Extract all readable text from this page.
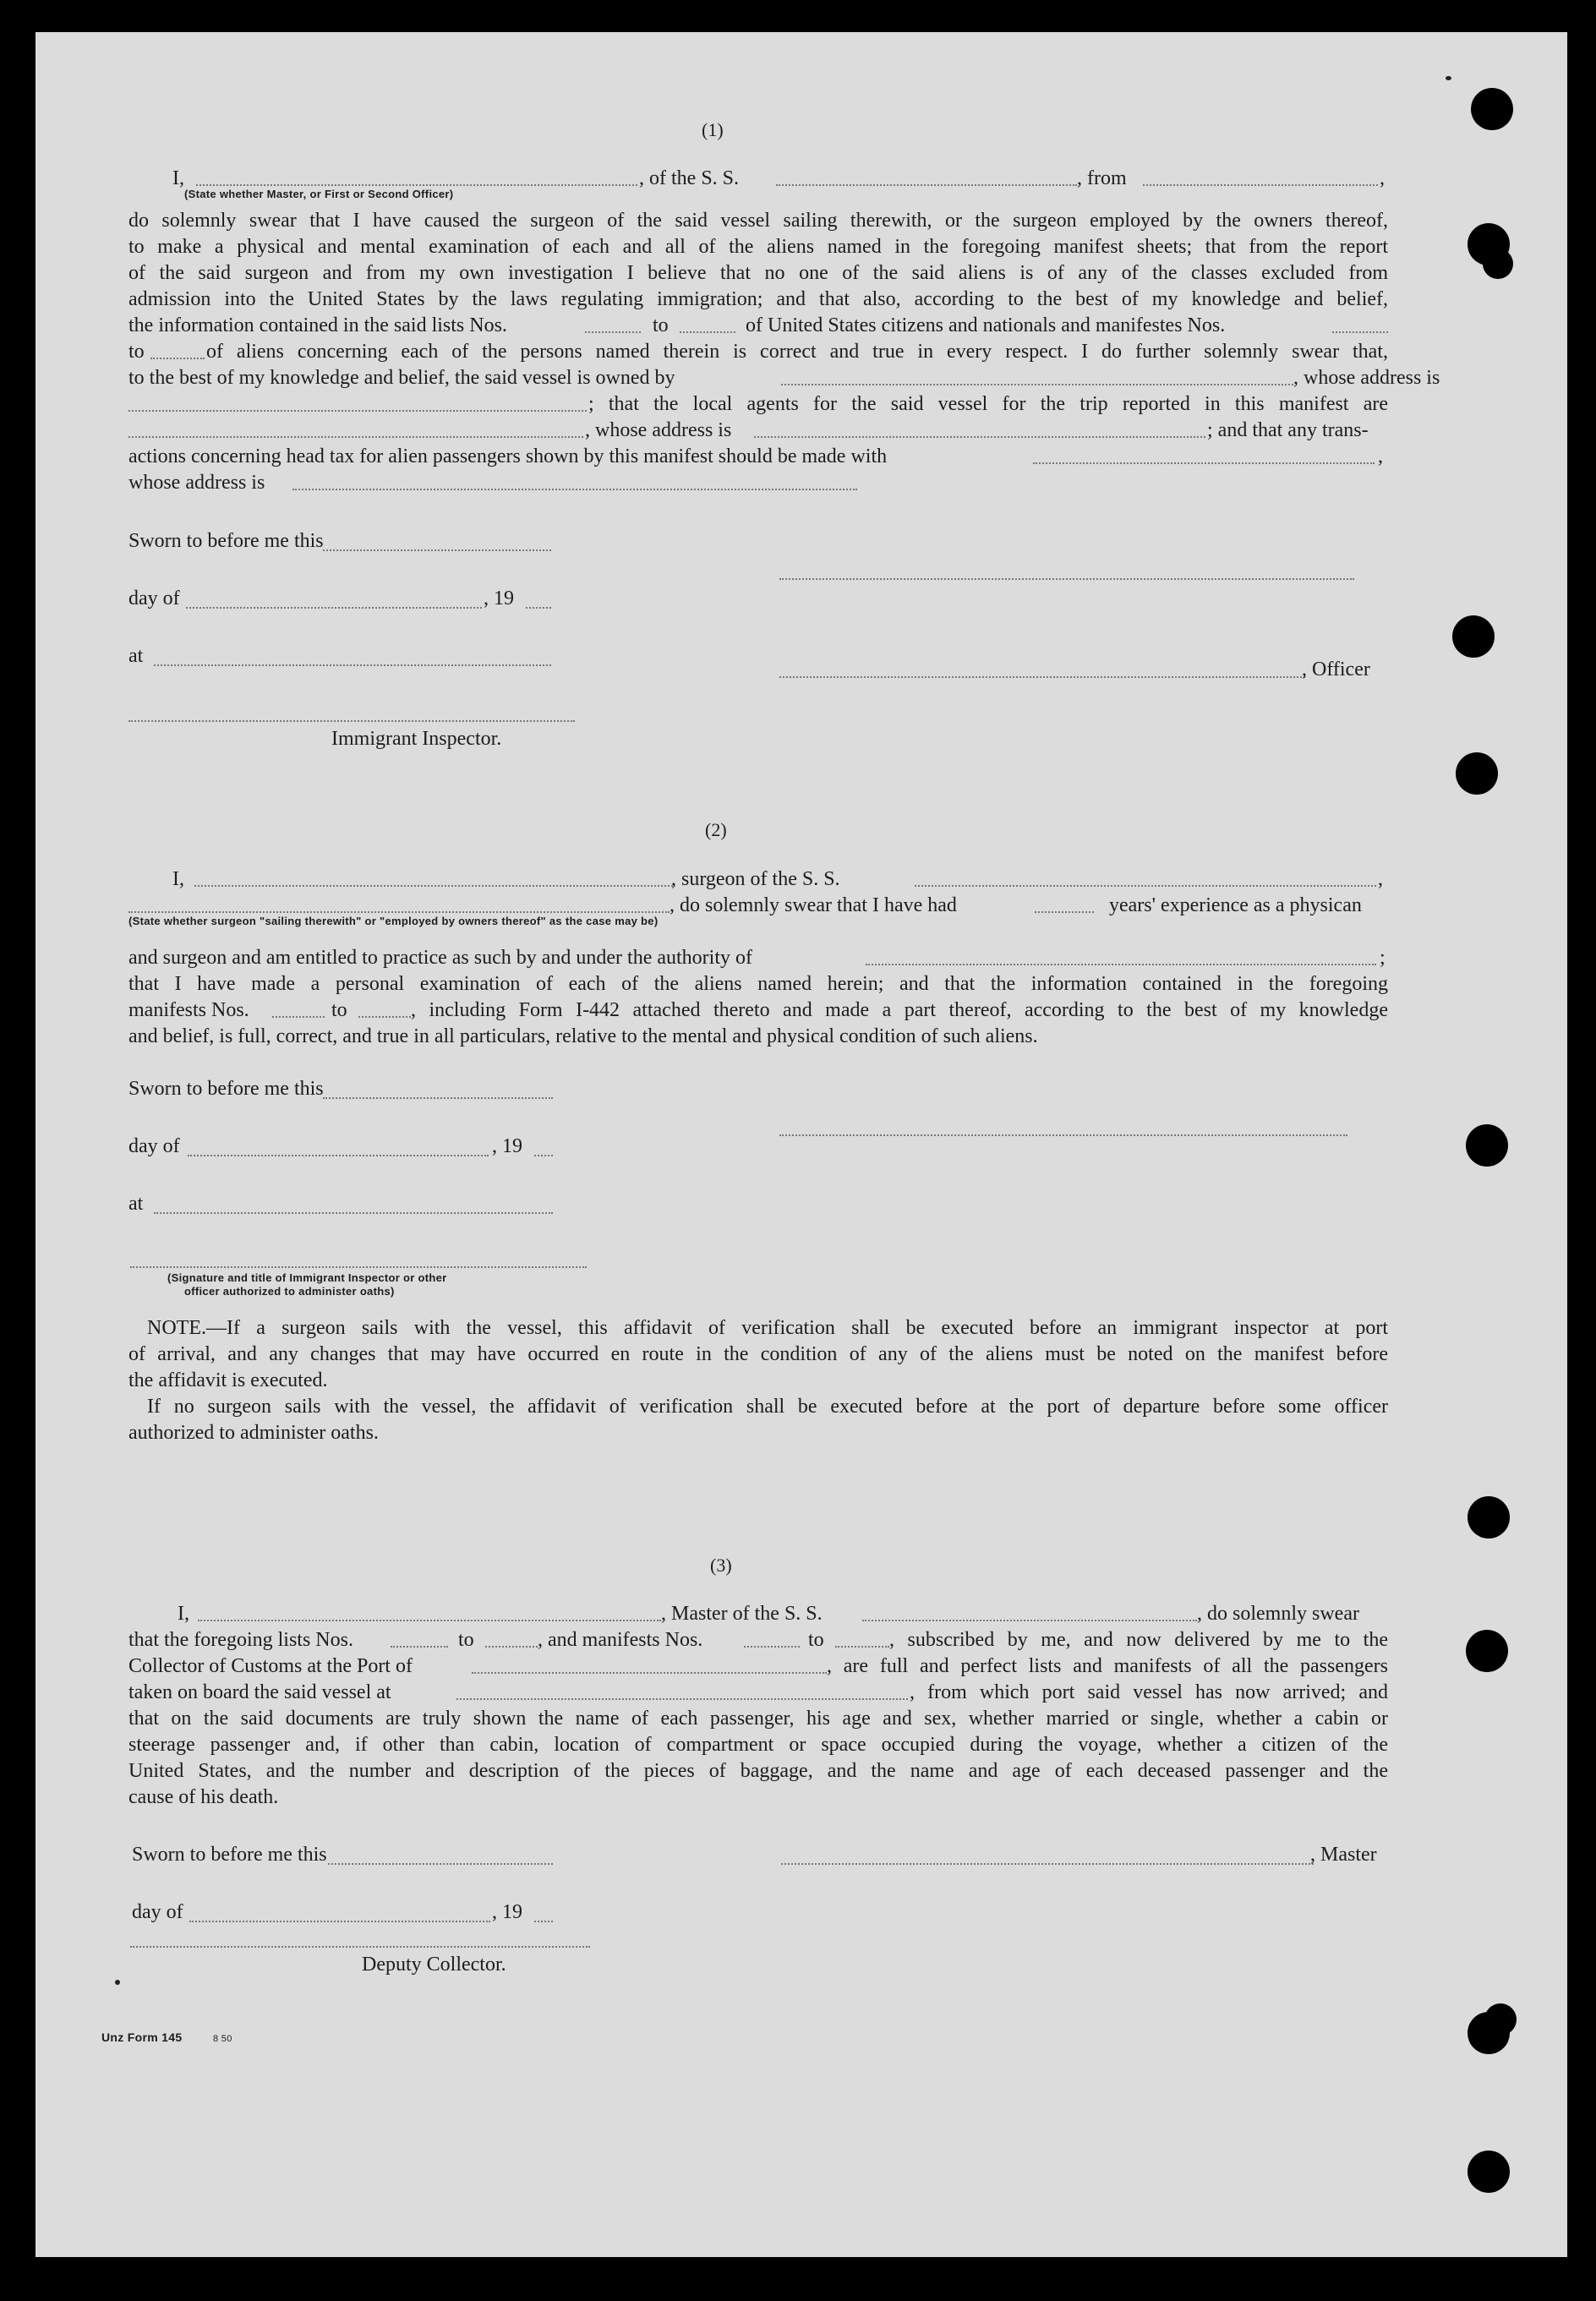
(1)
I,	, of the S. S.	, from	,
(State whether Master, or First or Second Officer)
do solemnly swear that I have caused the surgeon of the said vessel sailing therewith, or the surgeon employed by the owners thereof,
to make a physical and mental examination of each and all of the aliens named in the foregoing manifest sheets; that from the report
of the said surgeon and from my own investigation I believe that no one of the said aliens is of any of the classes excluded from
admission into the United States by the laws regulating immigration; and that also, according to the best of my knowledge and belief,
the information contained in the said lists Nos.	to	of United States citizens and nationals and manifestes Nos.
to	of aliens concerning each of the persons named therein is correct and true in every respect. I do further solemnly swear that,
to the best of my knowledge and belief, the said vessel is owned by	, whose address is
; that the local agents for the said vessel for the trip reported in this manifest are
, whose address is	; and that any trans-
actions concerning head tax for alien passengers shown by this manifest should be made with	,
whose address is
Sworn to before me this
day of	, 19
at
, Officer
Immigrant Inspector.
(2)
I,	, surgeon of the S. S.	,
, do solemnly swear that I have had	years' experience as a physican
(State whether surgeon "sailing therewith" or "employed by owners thereof" as the case may be)
and surgeon and am entitled to practice as such by and under the authority of	;
that I have made a personal examination of each of the aliens named herein; and that the information contained in the foregoing
manifests Nos.	to	, including Form I-442 attached thereto and made a part thereof, according to the best of my knowledge
and belief, is full, correct, and true in all particulars, relative to the mental and physical condition of such aliens.
Sworn to before me this
day of	, 19
at
(Signature and title of Immigrant Inspector or other
officer authorized to administer oaths)
NOTE.—If a surgeon sails with the vessel, this affidavit of verification shall be executed before an immigrant inspector at port
of arrival, and any changes that may have occurred en route in the condition of any of the aliens must be noted on the manifest before
the affidavit is executed.
If no surgeon sails with the vessel, the affidavit of verification shall be executed before at the port of departure before some officer
authorized to administer oaths.
(3)
I,	, Master of the S. S.	, do solemnly swear
that the foregoing lists Nos.	to	, and manifests Nos.	to	, subscribed by me, and now delivered by me to the
Collector of Customs at the Port of	, are full and perfect lists and manifests of all the passengers
taken on board the said vessel at	, from which port said vessel has now arrived; and
that on the said documents are truly shown the name of each passenger, his age and sex, whether married or single, whether a cabin or
steerage passenger and, if other than cabin, location of compartment or space occupied during the voyage, whether a citizen of the
United States, and the number and description of the pieces of baggage, and the name and age of each deceased passenger and the
cause of his death.
Sworn to before me this	, Master
day of	, 19
Deputy Collector.
Unz Form 145	8 50
